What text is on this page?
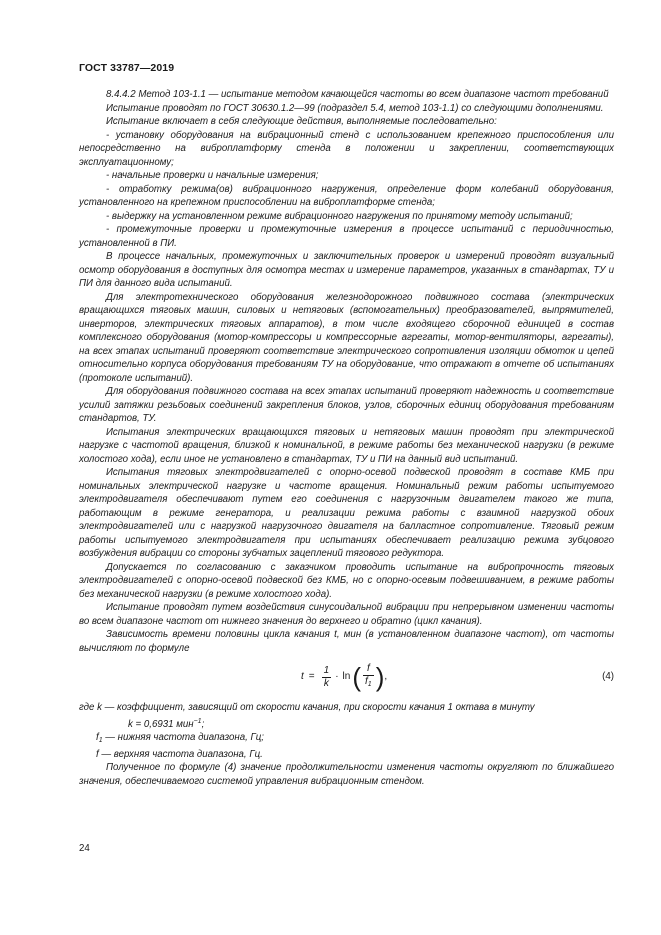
ГОСТ 33787—2019

8.4.4.2 Метод 103-1.1 — испытание методом качающейся частоты во всем диапазоне частот требований

Испытание проводят по ГОСТ 30630.1.2—99 (подраздел 5.4, метод 103-1.1) со следующими дополнениями.

Испытание включает в себя следующие действия, выполняемые последовательно:

- установку оборудования на вибрационный стенд с использованием крепежного приспособления или непосредственно на виброплатформу стенда в положении и закреплении, соответствующих эксплуатационному;

- начальные проверки и начальные измерения;

- отработку режима(ов) вибрационного нагружения, определение форм колебаний оборудования, установленного на крепежном приспособлении на виброплатформе стенда;

- выдержку на установленном режиме вибрационного нагружения по принятому методу испытаний;

- промежуточные проверки и промежуточные измерения в процессе испытаний с периодичностью, установленной в ПИ.

В процессе начальных, промежуточных и заключительных проверок и измерений проводят визуальный осмотр оборудования в доступных для осмотра местах и измерение параметров, указанных в стандартах, ТУ и ПИ для данного вида испытаний.

Для электротехнического оборудования железнодорожного подвижного состава (электрических вращающихся тяговых машин, силовых и нетяговых (вспомогательных) преобразователей, выпрямителей, инверторов, электрических тяговых аппаратов), в том числе входящего сборочной единицей в состав комплексного оборудования (мотор-компрессоры и компрессорные агрегаты, мотор-вентиляторы, агрегаты), на всех этапах испытаний проверяют соответствие электрического сопротивления изоляции обмоток и цепей относительно корпуса оборудования требованиям ТУ на оборудование, что отражают в отчете об испытаниях (протоколе испытаний).

Для оборудования подвижного состава на всех этапах испытаний проверяют надежность и соответствие усилий затяжки резьбовых соединений закрепления блоков, узлов, сборочных единиц оборудования требованиям стандартов, ТУ.

Испытания электрических вращающихся тяговых и нетяговых машин проводят при электрической нагрузке с частотой вращения, близкой к номинальной, в режиме работы без механической нагрузки (в режиме холостого хода), если иное не установлено в стандартах, ТУ и ПИ на данный вид испытаний.

Испытания тяговых электродвигателей с опорно-осевой подвеской проводят в составе КМБ при номинальных электрической нагрузке и частоте вращения. Номинальный режим работы испытуемого электродвигателя обеспечивают путем его соединения с нагрузочным двигателем такого же типа, работающим в режиме генератора, и реализации режима работы с взаимной нагрузкой обоих электродвигателей или с нагрузкой нагрузочного двигателя на балластное сопротивление. Тяговый режим работы испытуемого электродвигателя при испытаниях обеспечивает реализацию режима зубцового возбуждения вибрации со стороны зубчатых зацеплений тягового редуктора.

Допускается по согласованию с заказчиком проводить испытание на вибропрочность тяговых электродвигателей с опорно-осевой подвеской без КМБ, но с опорно-осевым подвешиванием, в режиме работы без механической нагрузки (в режиме холостого хода).

Испытание проводят путем воздействия синусоидальной вибрации при непрерывном изменении частоты во всем диапазоне частот от нижнего значения до верхнего и обратно (цикл качания).

Зависимость времени половины цикла качания t, мин (в установленном диапазоне частот), от частоты вычисляют по формуле

$t = \frac{1}{k} \cdot \ln$ ( $\frac{f}{f_1}$ ) ,	(4)

где k — коэффициент, зависящий от скорости качания, при скорости качания 1 октава в минуту

k = 0,6931 мин$^{-1}$;

$f_1$ — нижняя частота диапазона, Гц;

f — верхняя частота диапазона, Гц.

Полученное по формуле (4) значение продолжительности изменения частоты округляют по ближайшего значения, обеспечиваемого системой управления вибрационным стендом.

24
